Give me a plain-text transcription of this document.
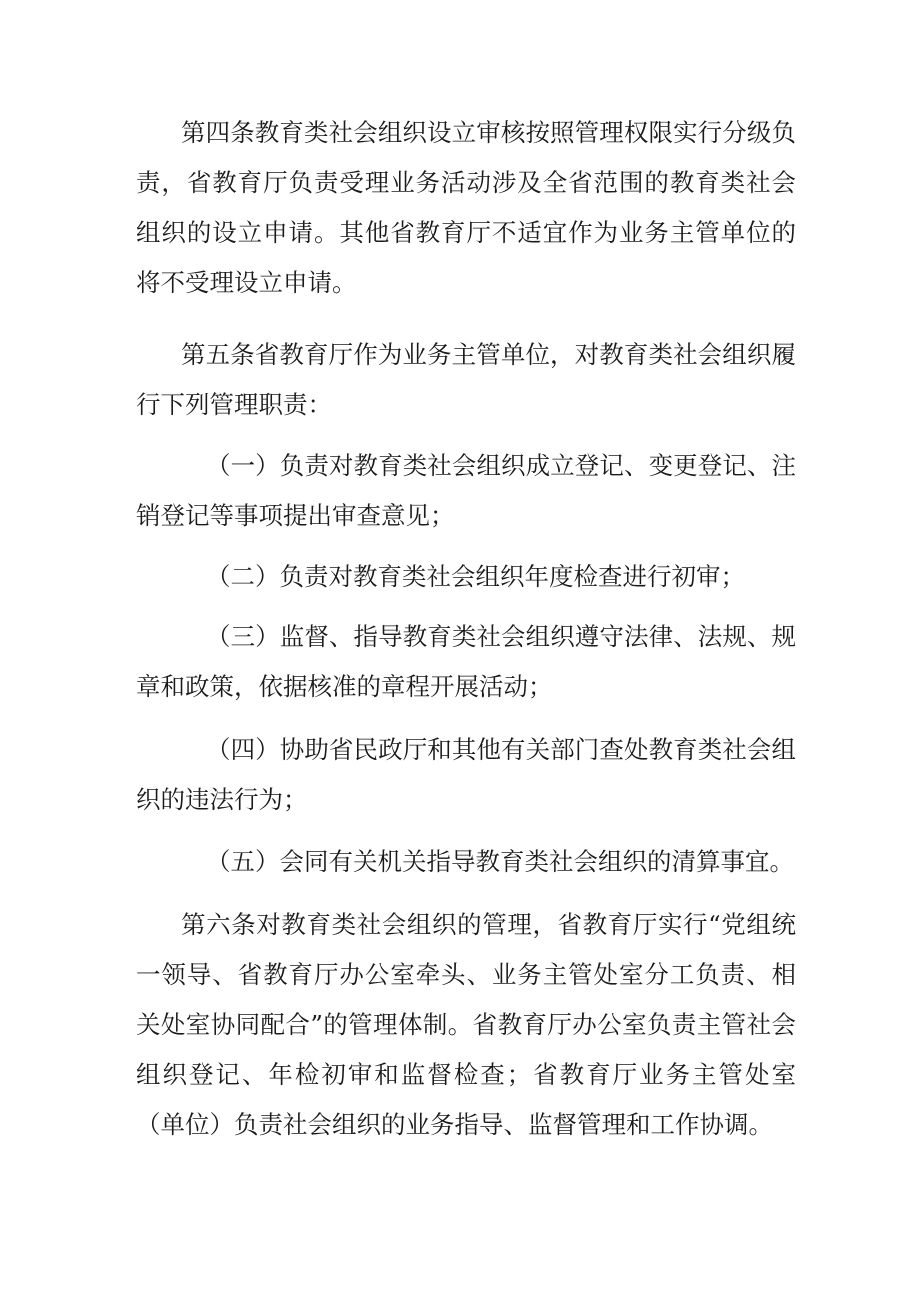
第四条教育类社会组织设立审核按照管理权限实行分级负责，省教育厅负责受理业务活动涉及全省范围的教育类社会组织的设立申请。其他省教育厅不适宜作为业务主管单位的将不受理设立申请。

第五条省教育厅作为业务主管单位，对教育类社会组织履行下列管理职责：

（一）负责对教育类社会组织成立登记、变更登记、注销登记等事项提出审查意见；

（二）负责对教育类社会组织年度检查进行初审；

（三）监督、指导教育类社会组织遵守法律、法规、规章和政策，依据核准的章程开展活动；

（四）协助省民政厅和其他有关部门查处教育类社会组织的违法行为；

（五）会同有关机关指导教育类社会组织的清算事宜。

第六条对教育类社会组织的管理，省教育厅实行“党组统一领导、省教育厅办公室牵头、业务主管处室分工负责、相关处室协同配合”的管理体制。省教育厅办公室负责主管社会组织登记、年检初审和监督检查；省教育厅业务主管处室（单位）负责社会组织的业务指导、监督管理和工作协调。
